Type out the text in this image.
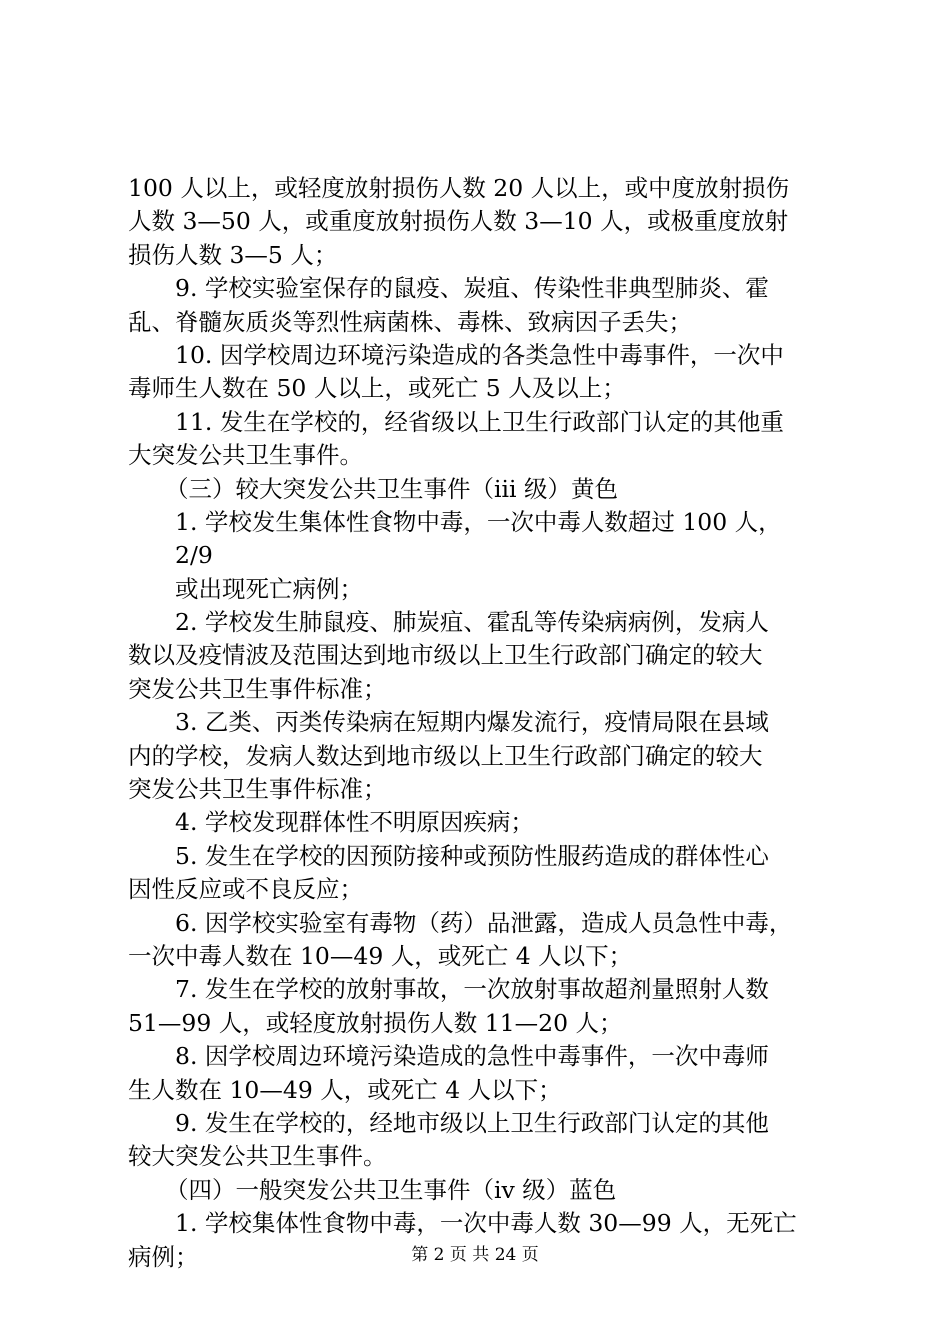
100 人以上，或轻度放射损伤人数 20 人以上，或中度放射损伤
人数 3—50 人，或重度放射损伤人数 3—10 人，或极重度放射
损伤人数 3—5 人；
9. 学校实验室保存的鼠疫、炭疽、传染性非典型肺炎、霍
乱、脊髓灰质炎等烈性病菌株、毒株、致病因子丢失；
10. 因学校周边环境污染造成的各类急性中毒事件，一次中
毒师生人数在 50 人以上，或死亡 5 人及以上；
11. 发生在学校的，经省级以上卫生行政部门认定的其他重
大突发公共卫生事件。
（三）较大突发公共卫生事件（iii 级）黄色
1. 学校发生集体性食物中毒，一次中毒人数超过 100 人，
2/9
或出现死亡病例；
2. 学校发生肺鼠疫、肺炭疽、霍乱等传染病病例，发病人
数以及疫情波及范围达到地市级以上卫生行政部门确定的较大
突发公共卫生事件标准；
3. 乙类、丙类传染病在短期内爆发流行，疫情局限在县域
内的学校，发病人数达到地市级以上卫生行政部门确定的较大
突发公共卫生事件标准；
4. 学校发现群体性不明原因疾病；
5. 发生在学校的因预防接种或预防性服药造成的群体性心
因性反应或不良反应；
6. 因学校实验室有毒物（药）品泄露，造成人员急性中毒，
一次中毒人数在 10—49 人，或死亡 4 人以下；
7. 发生在学校的放射事故，一次放射事故超剂量照射人数
51—99 人，或轻度放射损伤人数 11—20 人；
8. 因学校周边环境污染造成的急性中毒事件，一次中毒师
生人数在 10—49 人，或死亡 4 人以下；
9. 发生在学校的，经地市级以上卫生行政部门认定的其他
较大突发公共卫生事件。
（四）一般突发公共卫生事件（iv 级）蓝色
1. 学校集体性食物中毒，一次中毒人数 30—99 人，无死亡
病例；	第 2 页 共 24 页
